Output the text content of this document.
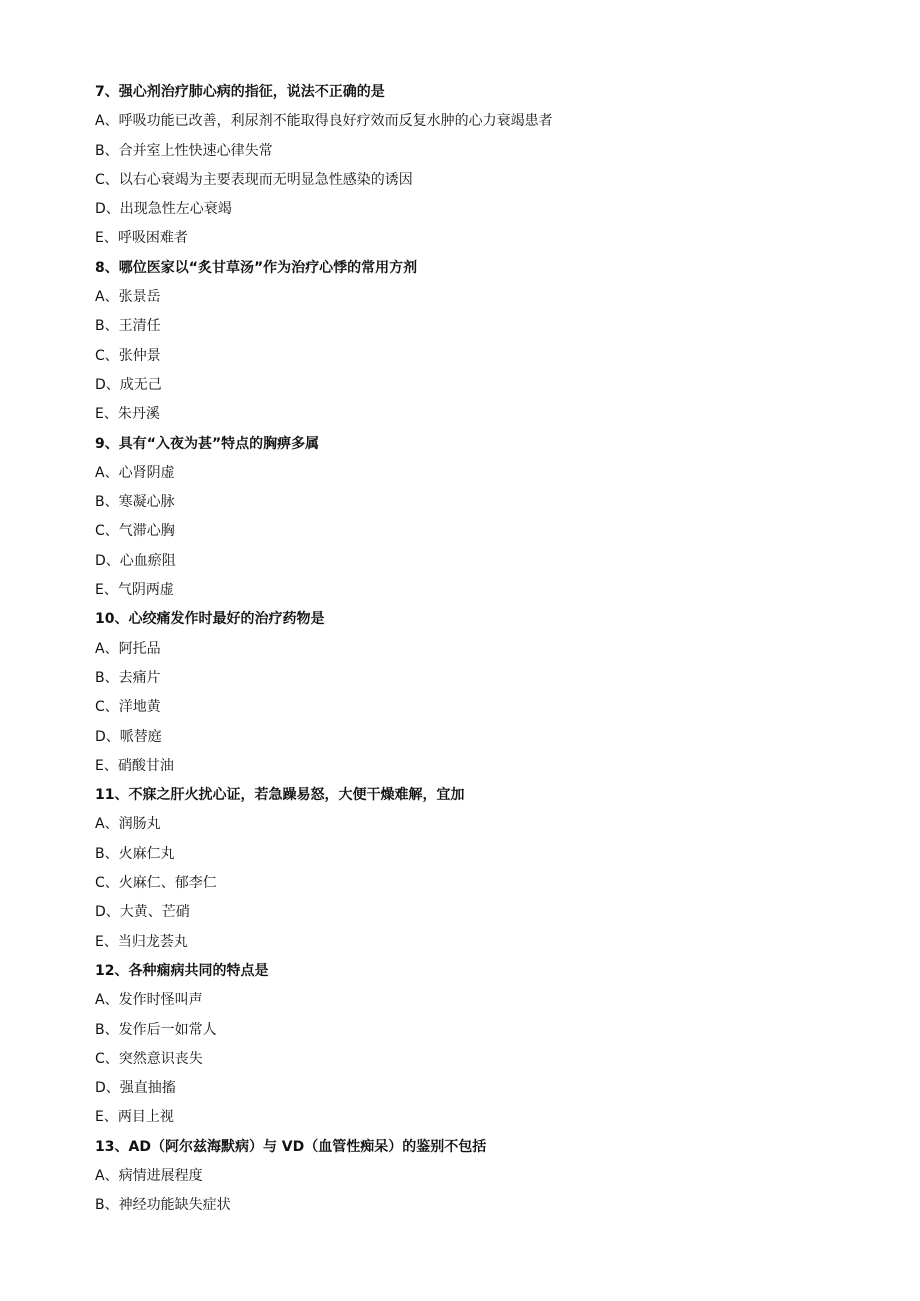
7、强心剂治疗肺心病的指征，说法不正确的是
A、呼吸功能已改善，利尿剂不能取得良好疗效而反复水肿的心力衰竭患者
B、合并室上性快速心律失常
C、以右心衰竭为主要表现而无明显急性感染的诱因
D、出现急性左心衰竭
E、呼吸困难者
8、哪位医家以“炙甘草汤”作为治疗心悸的常用方剂
A、张景岳
B、王清任
C、张仲景
D、成无己
E、朱丹溪
9、具有“入夜为甚”特点的胸痹多属
A、心肾阴虚
B、寒凝心脉
C、气滞心胸
D、心血瘀阻
E、气阴两虚
10、心绞痛发作时最好的治疗药物是
A、阿托品
B、去痛片
C、洋地黄
D、哌替庭
E、硝酸甘油
11、不寐之肝火扰心证，若急躁易怒，大便干燥难解，宜加
A、润肠丸
B、火麻仁丸
C、火麻仁、郁李仁
D、大黄、芒硝
E、当归龙荟丸
12、各种痫病共同的特点是
A、发作时怪叫声
B、发作后一如常人
C、突然意识丧失
D、强直抽搐
E、两目上视
13、AD（阿尔兹海默病）与 VD（血管性痴呆）的鉴别不包括
A、病情进展程度
B、神经功能缺失症状
